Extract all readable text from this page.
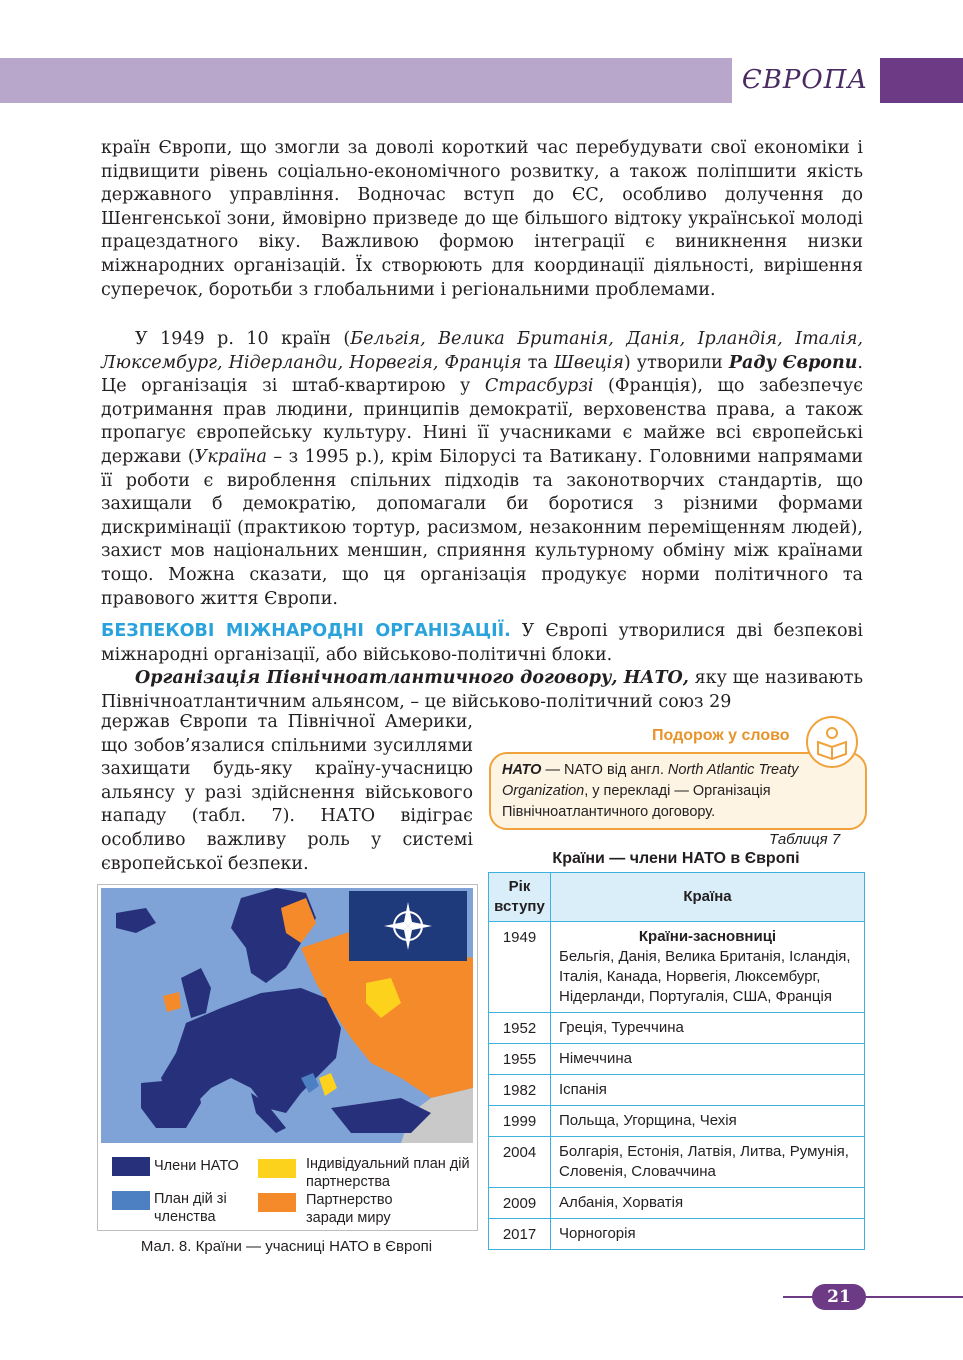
ЄВРОПА

країн Європи, що змогли за доволі короткий час перебудувати свої економіки і підвищити рівень соціально-економічного розвитку, а також поліпшити якість державного управління. Водночас вступ до ЄС, особливо долучення до Шенгенської зони, ймовірно призведе до ще більшого відтоку української молоді працездатного віку. Важливою формою інтеграції є виникнення низки міжнародних організацій. Їх створюють для координації діяльності, вирішення суперечок, боротьби з глобальними і регіональними проблемами.

У 1949 р. 10 країн (Бельгія, Велика Британія, Данія, Ірландія, Італія, Люксембург, Нідерланди, Норвегія, Франція та Швеція) утворили Раду Європи. Це організація зі штаб-квартирою у Страсбурзі (Франція), що забезпечує дотримання прав людини, принципів демократії, верховенства права, а також пропагує європейську культуру. Нині її учасниками є майже всі європейські держави (Україна – з 1995 р.), крім Білорусі та Ватикану. Головними напрямами її роботи є вироблення спільних підходів та законотворчих стандартів, що захищали б демократію, допомагали би боротися з різними формами дискримінації (практикою тортур, расизмом, незаконним переміщенням людей), захист мов національних меншин, сприяння культурному обміну між країнами тощо. Можна сказати, що ця організація продукує норми політичного та правового життя Європи.

БЕЗПЕКОВІ МІЖНАРОДНІ ОРГАНІЗАЦІЇ. У Європі утворилися дві безпекові міжнародні організації, або військово-політичні блоки.

Організація Північноатлантичного договору, НАТО, яку ще називають Північноатлантичним альянсом, – це військово-політичний союз 29

держав Європи та Північної Америки, що зобов’язалися спільними зусиллями захищати будь-яку країну-учасницю альянсу у разі здійснення військового нападу (табл. 7). НАТО відіграє особливо важливу роль у системі європейської безпеки.

Подорож у слово

НАТО — NATO від англ. North Atlantic Treaty Organization, у перекладі — Організація Північноатлантичного договору.

Таблиця 7
Країни — члени НАТО в Європі
Рік вступу	Країна
1949	Країни-засновниці
Бельгія, Данія, Велика Британія, Ісландія, Італія, Канада, Норвегія, Люксембург, Нідерланди, Португалія, США, Франція
1952	Греція, Туреччина
1955	Німеччина
1982	Іспанія
1999	Польща, Угорщина, Чехія
2004	Болгарія, Естонія, Латвія, Литва, Румунія, Словенія, Словаччина
2009	Албанія, Хорватія
2017	Чорногорія
Члени НАТО
План дій зі членства
Індивідуальний план дій партнерства
Партнерство заради миру
Мал. 8. Країни — учасниці НАТО в Європі
21
